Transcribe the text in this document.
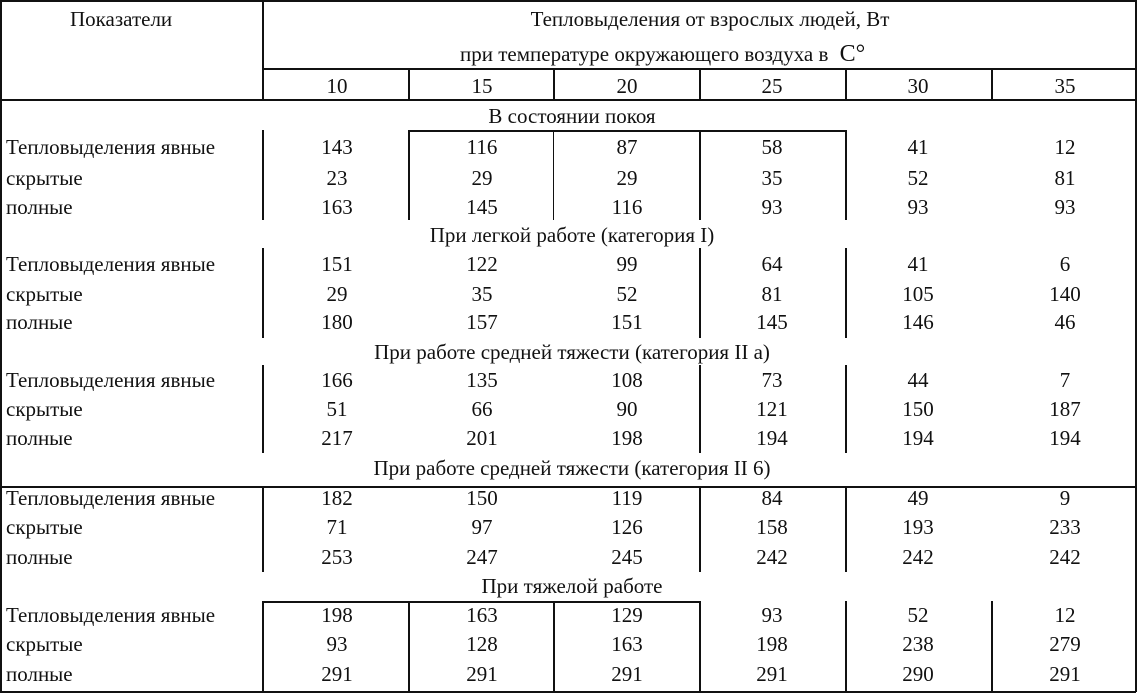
Показатели	Тепловыделения от взрослых людей, Вт
при температуре окружающего воздуха в С°
10	15	20	25	30	35
В состоянии покоя
Тепловыделения явные	143	116	87	58	41	12
скрытые	23	29	29	35	52	81
полные	163	145	116	93	93	93
При легкой работе (категория I)
Тепловыделения явные	151	122	99	64	41	6
скрытые	29	35	52	81	105	140
полные	180	157	151	145	146	46
При работе средней тяжести (категория II а)
Тепловыделения явные	166	135	108	73	44	7
скрытые	51	66	90	121	150	187
полные	217	201	198	194	194	194
При работе средней тяжести (категория II 6)
Тепловыделения явные	182	150	119	84	49	9
скрытые	71	97	126	158	193	233
полные	253	247	245	242	242	242
При тяжелой работе
Тепловыделения явные	198	163	129	93	52	12
скрытые	93	128	163	198	238	279
полные	291	291	291	291	290	291
